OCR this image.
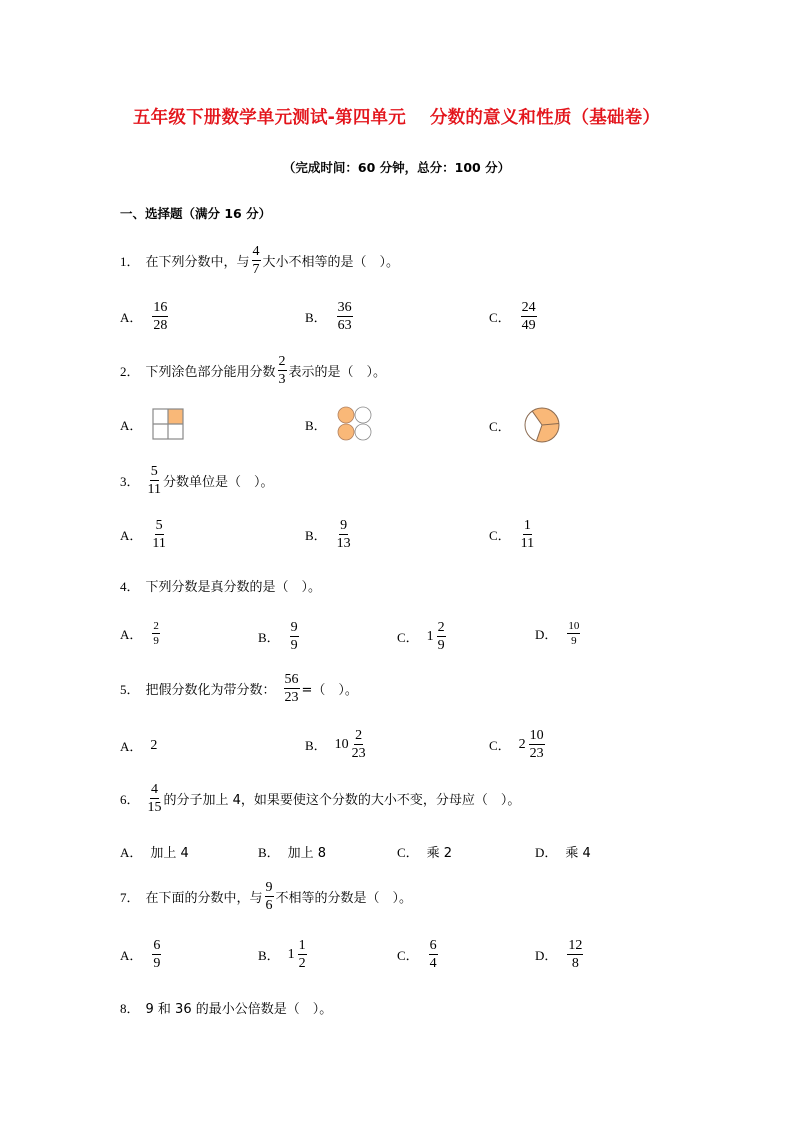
五年级下册数学单元测试-第四单元　 分数的意义和性质（基础卷）
（完成时间：60 分钟，总分：100 分）
一、选择题（满分 16 分）
1． 在下列分数中，与 $\frac{4}{7}$ 大小不相等的是（　）。
A． $\frac{16}{28}$	B． $\frac{36}{63}$	C． $\frac{24}{49}$
2． 下列涂色部分能用分数 $\frac{2}{3}$ 表示的是（　）。
A．	B．	C．
3． $\frac{5}{11}$ 分数单位是（　）。
A． $\frac{5}{11}$	B． $\frac{9}{13}$	C． $\frac{1}{11}$
4． 下列分数是真分数的是（　）。
A． $\frac{2}{9}$	B． $\frac{9}{9}$	C． $1 \frac{2}{9}$	D． $\frac{10}{9}$
5． 把假分数化为带分数： $\frac{56}{23}$ =（　）。
A． 2	B． $10 \frac{2}{23}$	C． $2 \frac{10}{23}$
6． $\frac{4}{15}$ 的分子加上 4，如果要使这个分数的大小不变，分母应（　）。
A． 加上 4	B． 加上 8	C． 乘 2	D． 乘 4
7． 在下面的分数中，与 $\frac{9}{6}$ 不相等的分数是（　）。
A． $\frac{6}{9}$	B． $1 \frac{1}{2}$	C． $\frac{6}{4}$	D． $\frac{12}{8}$
8． 9 和 36 的最小公倍数是（　）。
